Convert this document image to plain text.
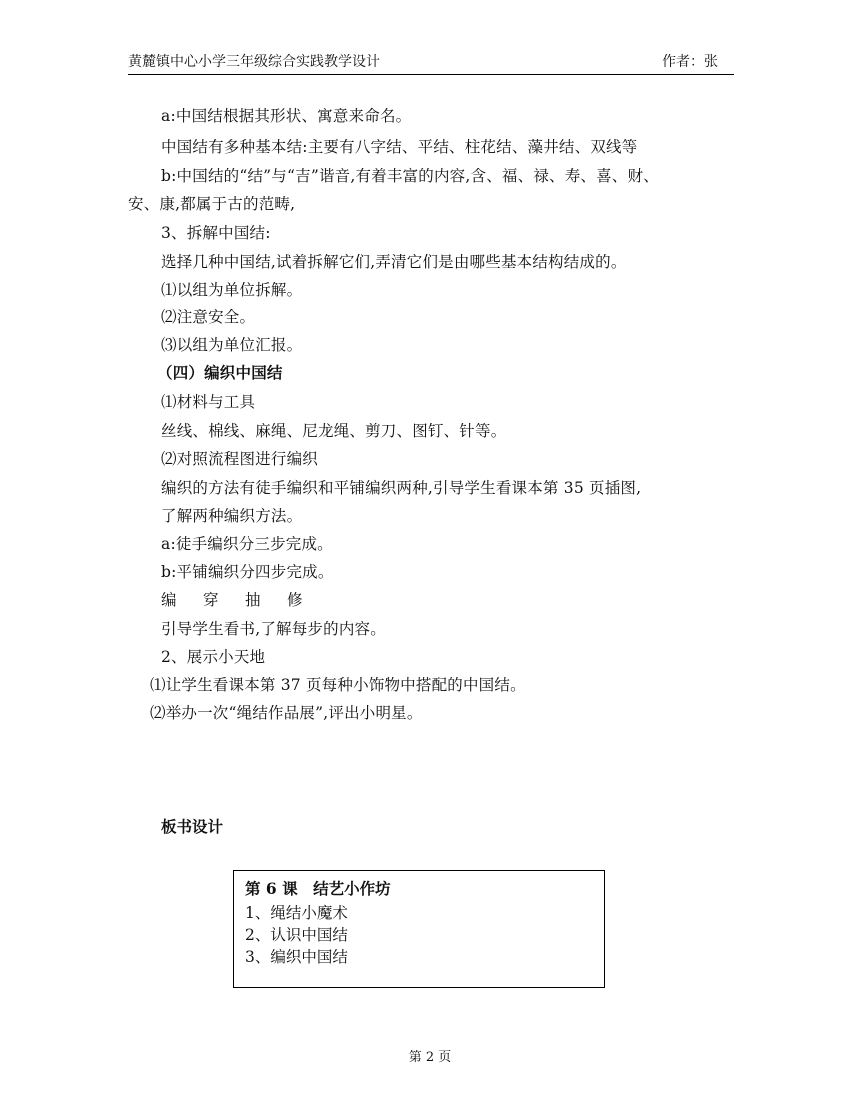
黄麓镇中心小学三年级综合实践教学设计	作者：张
a:中国结根据其形状、寓意来命名。
中国结有多种基本结:主要有八字结、平结、柱花结、藻井结、双线等
b:中国结的“结”与“吉”谐音,有着丰富的内容,含、福、禄、寿、喜、财、
安、康,都属于古的范畴,
3、拆解中国结:
选择几种中国结,试着拆解它们,弄清它们是由哪些基本结构结成的。
⑴以组为单位拆解。
⑵注意安全。
⑶以组为单位汇报。
（四）编织中国结
⑴材料与工具
丝线、棉线、麻绳、尼龙绳、剪刀、图钉、针等。
⑵对照流程图进行编织
编织的方法有徒手编织和平铺编织两种,引导学生看课本第 35 页插图,
了解两种编织方法。
a:徒手编织分三步完成。
b:平铺编织分四步完成。
编 穿 抽 修
引导学生看书,了解每步的内容。
2、展示小天地
⑴让学生看课本第 37 页每种小饰物中搭配的中国结。
⑵举办一次“绳结作品展”,评出小明星。
板书设计
第 6 课　结艺小作坊
1、绳结小魔术
2、认识中国结
3、编织中国结
第 2 页
